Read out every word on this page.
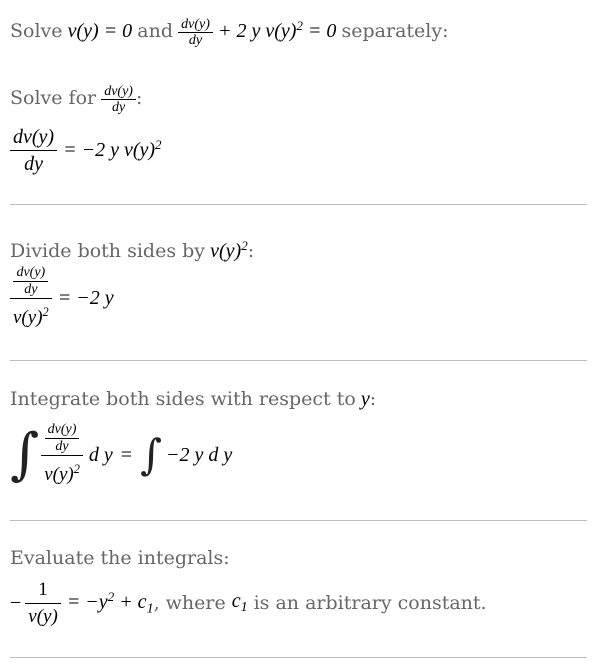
Solve v(y) = 0 and $\frac{dv(y)}{dy} + 2$ y $v(y)^2 = 0$ separately:
Solve for $\frac{dv(y)}{dy}$ :
$\frac{dv(y)}{dy} = -2$ y $v(y)^2$
Divide both sides by $v(y)^2$:
$\frac{\frac{dv(y)}{dy}}{v(y)^2} = -2$ y
Integrate both sides with respect to y:
∫ $\frac{\frac{dv(y)}{dy}}{v(y)^2}$ d y = ∫ −2 y d y
Evaluate the integrals:
− $\frac{1}{v(y)} = -y^2 + c_1$ , where $c_1$ is an arbitrary constant.
